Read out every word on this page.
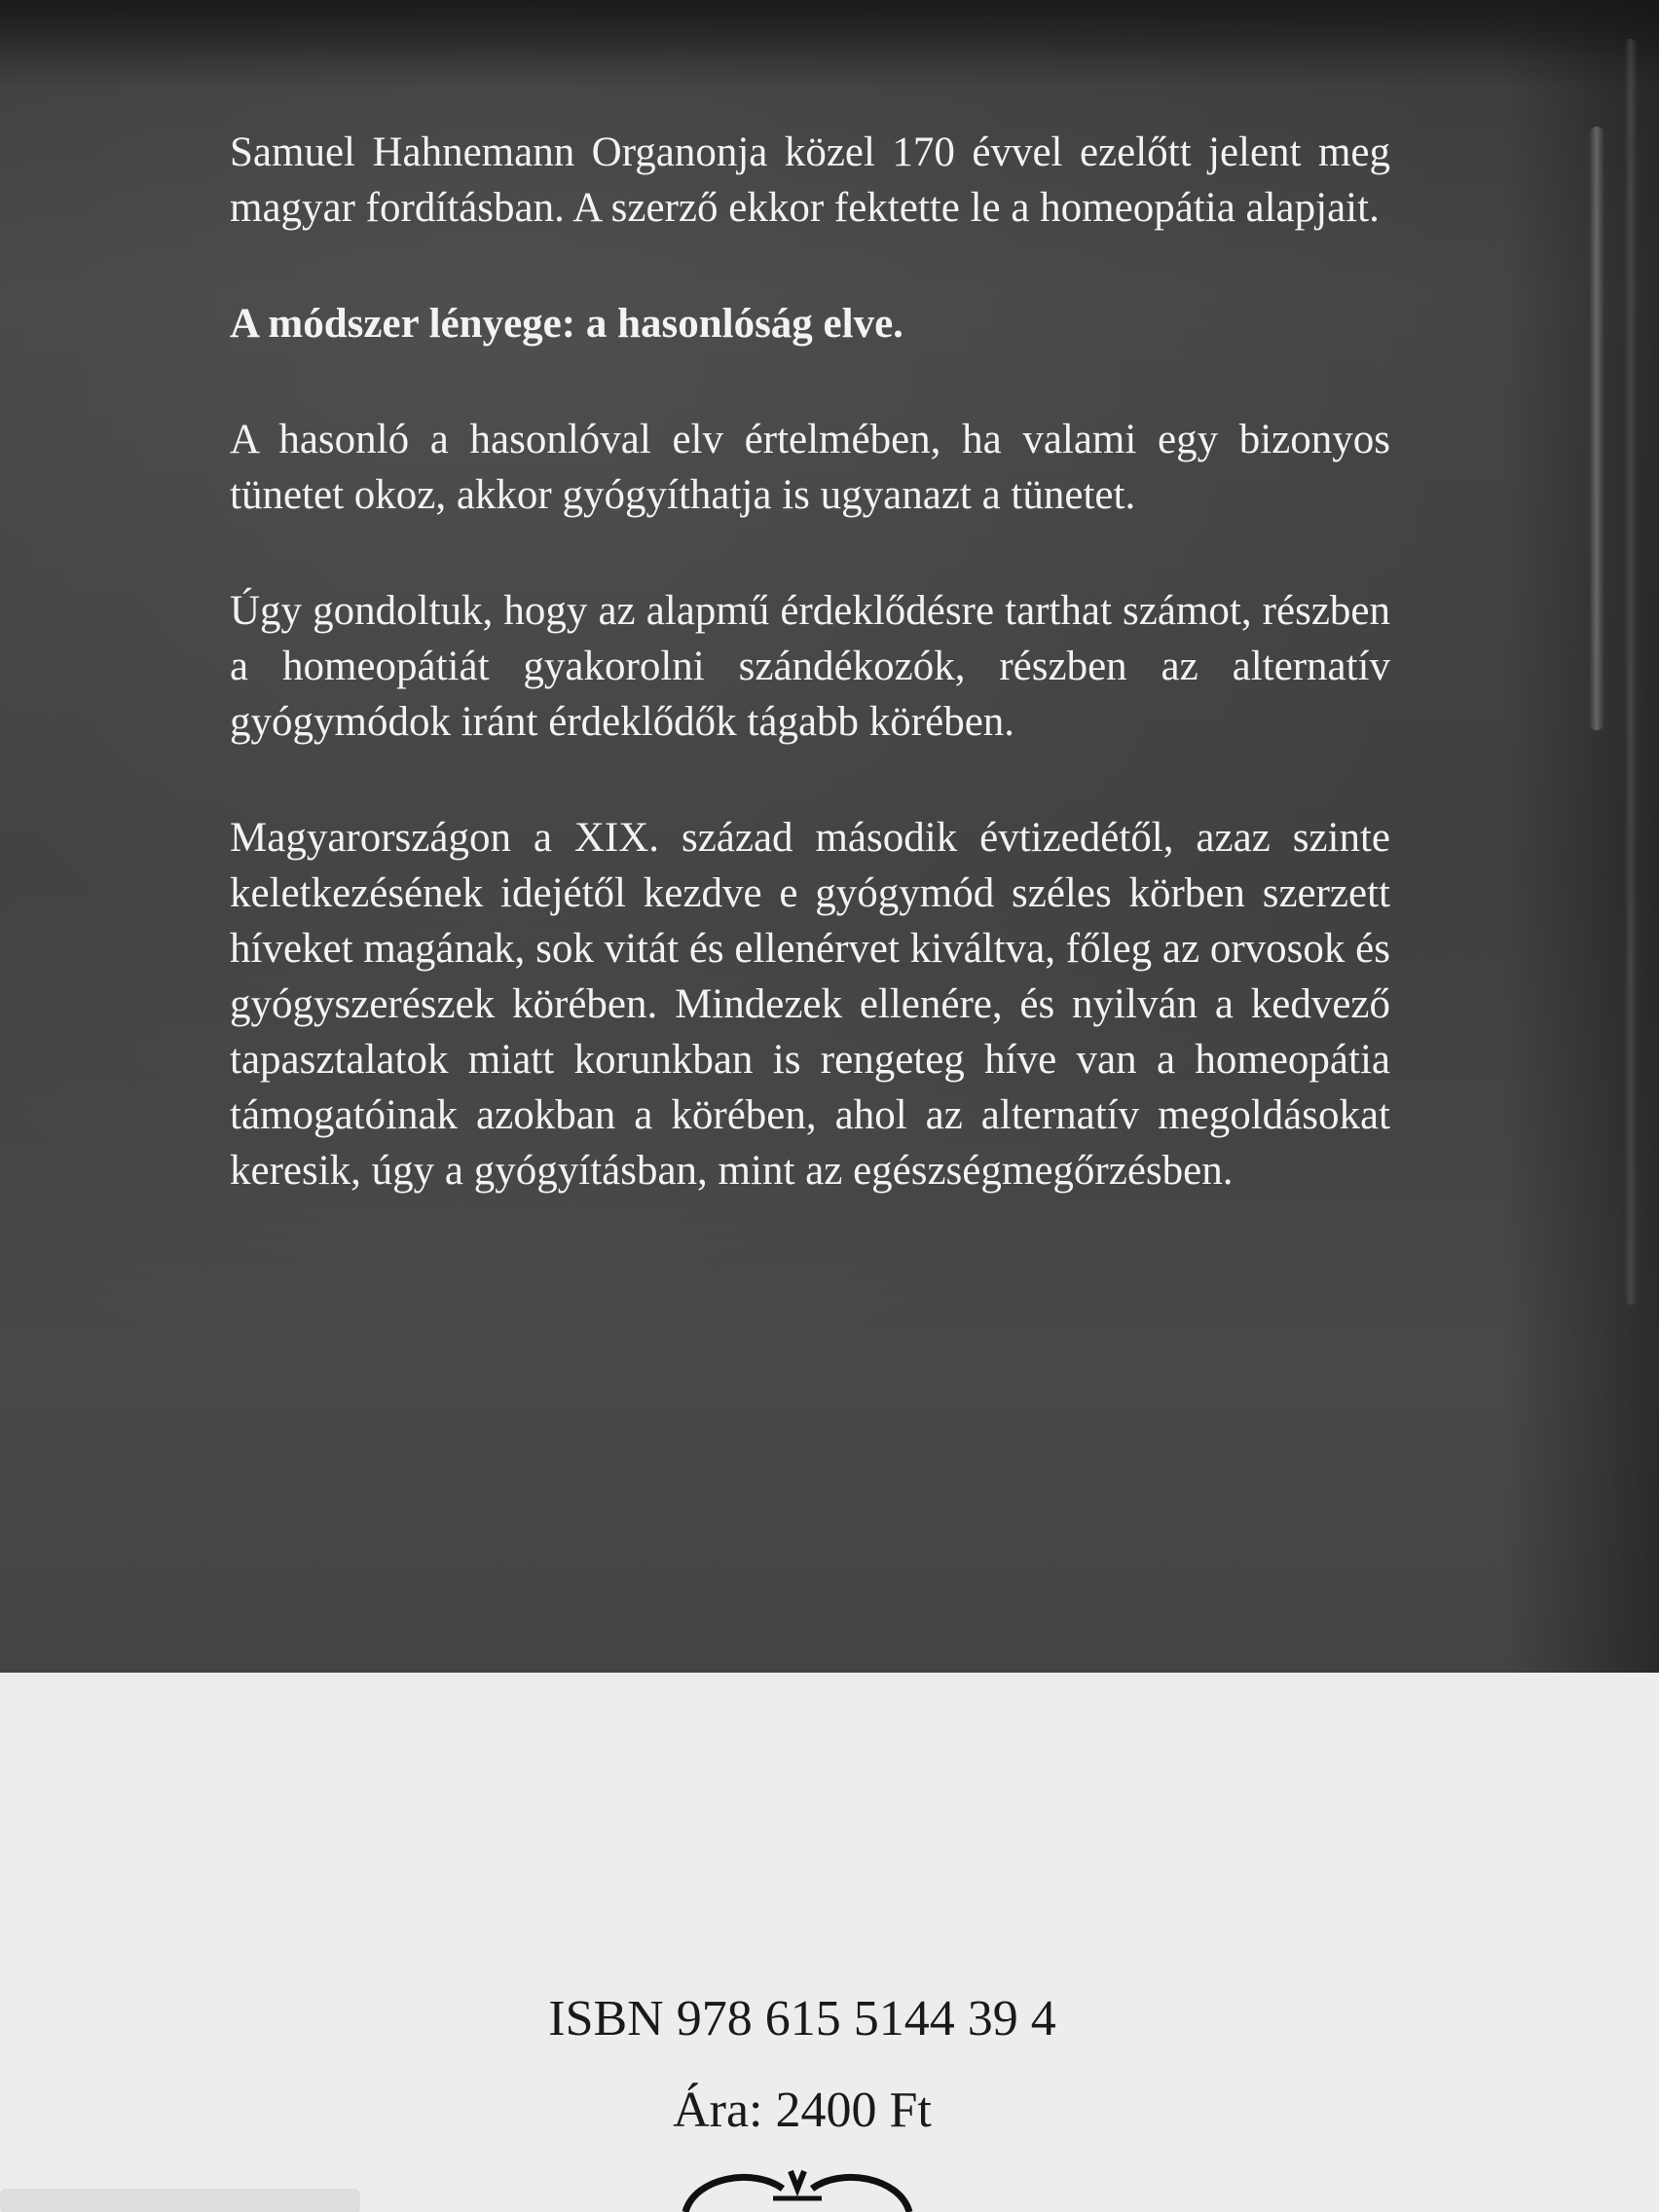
Samuel Hahnemann Organonja közel 170 évvel ezelőtt jelent meg magyar fordításban. A szerző ekkor fektette le a homeopátia alapjait.

A módszer lényege: a hasonlóság elve.

A hasonló a hasonlóval elv értelmében, ha valami egy bizonyos tünetet okoz, akkor gyógyíthatja is ugyanazt a tünetet.

Úgy gondoltuk, hogy az alapmű érdeklődésre tarthat számot, részben a homeopátiát gyakorolni szándékozók, részben az alternatív gyógymódok iránt érdeklődők tágabb körében.

Magyarországon a XIX. század második évtizedétől, azaz szinte keletkezésének idejétől kezdve e gyógymód széles körben szerzett híveket magának, sok vitát és ellenérvet kiváltva, főleg az orvosok és gyógyszerészek körében. Mindezek ellenére, és nyilván a kedvező tapasztalatok miatt korunkban is rengeteg híve van a homeopátia támogatóinak azokban a körében, ahol az alternatív megoldásokat keresik, úgy a gyógyításban, mint az egészségmegőrzésben.

ISBN 978 615 5144 39 4
Ára: 2400 Ft
